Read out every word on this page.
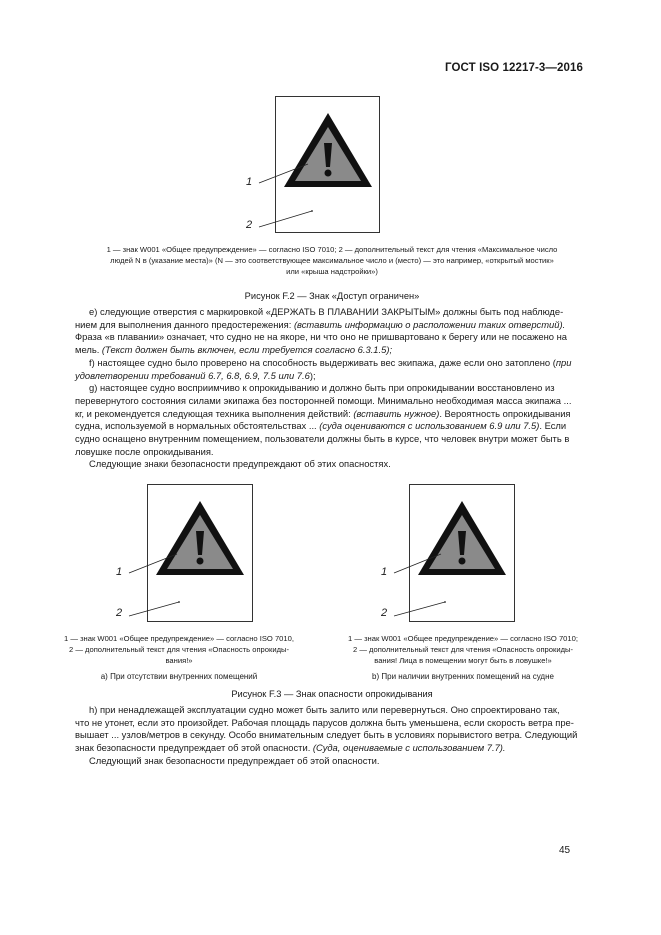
ГОСТ ISO 12217-3—2016
1
2
1 — знак W001 «Общее предупреждение» — согласно ISO 7010; 2 — дополнительный текст для чтения «Максимальное число
людей N в (указание места)» (N — это соответствующее максимальное число и (место) — это например, «открытый мостик»
или «крыша надстройки»)
Рисунок F.2 — Знак «Доступ ограничен»

e) следующие отверстия с маркировкой «ДЕРЖАТЬ В ПЛАВАНИИ ЗАКРЫТЫМ» должны быть под наблюде-

нием для выполнения данного предостережения: (вставить информацию о расположении таких отверстий).

Фраза «в плавании» означает, что судно не на якоре, ни что оно не пришвартовано к берегу или не посажено на

мель. (Текст должен быть включен, если требуется согласно 6.3.1.5);

f) настоящее судно было проверено на способность выдерживать вес экипажа, даже если оно затоплено (при

удовлетворении требований 6.7, 6.8, 6.9, 7.5 или 7.6);

g) настоящее судно восприимчиво к опрокидыванию и должно быть при опрокидывании восстановлено из

перевернутого состояния силами экипажа без посторонней помощи. Минимально необходимая масса экипажа ...

кг, и рекомендуется следующая техника выполнения действий: (вставить нужное). Вероятность опрокидывания

судна, используемой в нормальных обстоятельствах ... (суда оцениваются с использованием 6.9 или 7.5). Если

судно оснащено внутренним помещением, пользователи должны быть в курсе, что человек внутри может быть в

ловушке после опрокидывания.

Следующие знаки безопасности предупреждают об этих опасностях.

1
2
1 — знак W001 «Общее предупреждение» — согласно ISO 7010,
2 — дополнительный текст для чтения «Опасность опрокиды-
вания!»
а) При отсутствии внутренних помещений
1
2
1 — знак W001 «Общее предупреждение» — согласно ISO 7010;
2 — дополнительный текст для чтения «Опасность опрокиды-
вания! Лица в помещении могут быть в ловушке!»
b) При наличии внутренних помещений на судне
Рисунок F.3 — Знак опасности опрокидывания

h) при ненадлежащей эксплуатации судно может быть залито или перевернуться. Оно спроектировано так,

что не утонет, если это произойдет. Рабочая площадь парусов должна быть уменьшена, если скорость ветра пре-

вышает ... узлов/метров в секунду. Особо внимательным следует быть в условиях порывистого ветра. Следующий

знак безопасности предупреждает об этой опасности. (Суда, оцениваемые с использованием 7.7).

Следующий знак безопасности предупреждает об этой опасности.

45
